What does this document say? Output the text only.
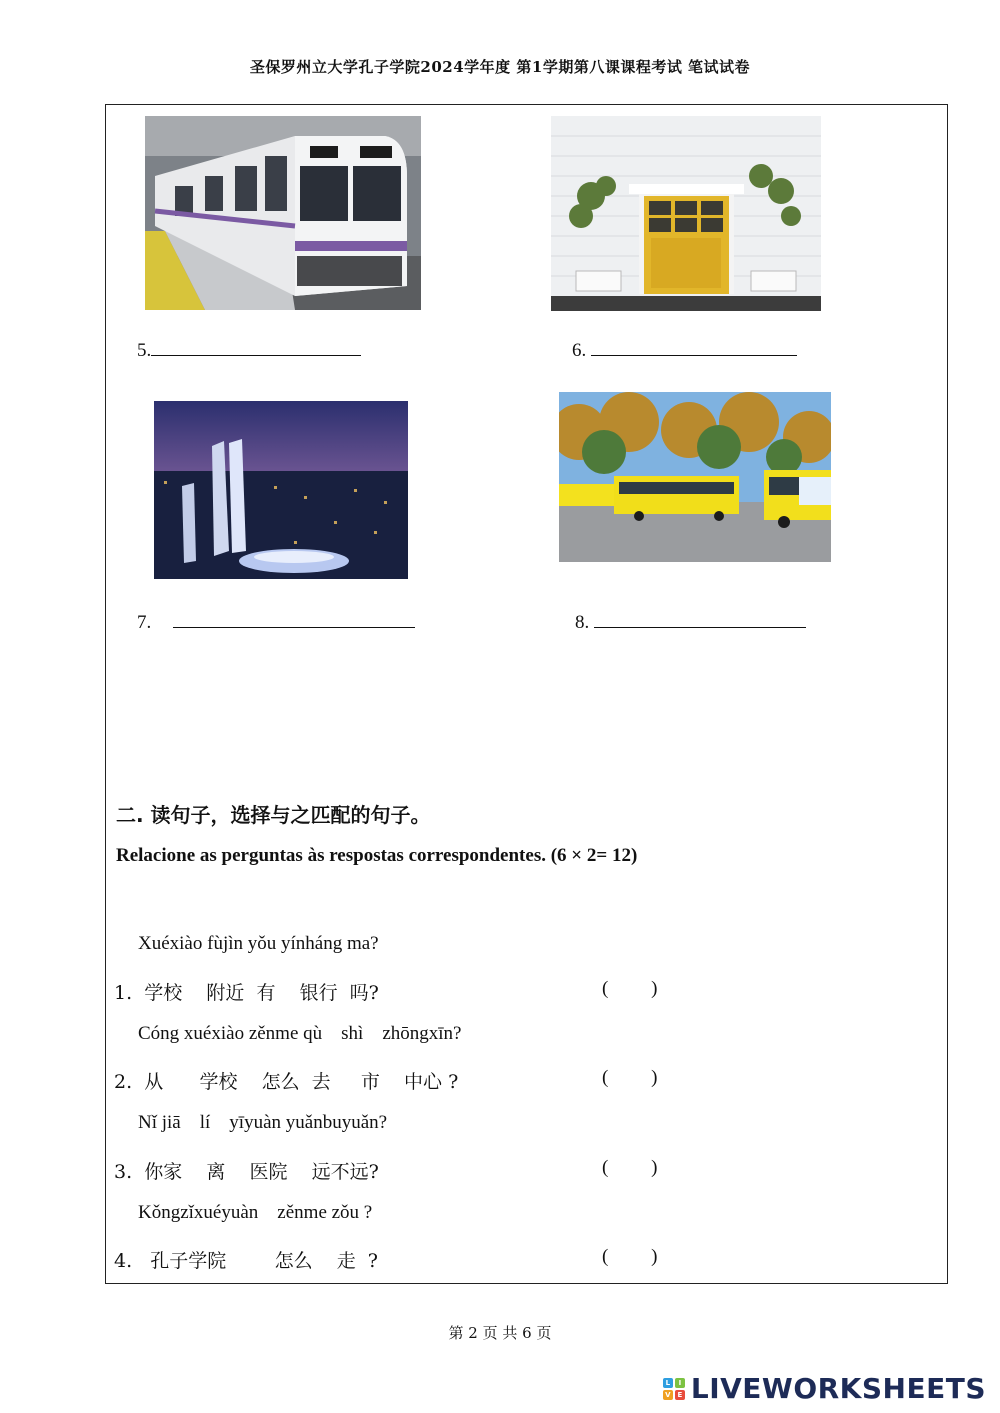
圣保罗州立大学孔子学院2024学年度 第1学期第八课课程考试 笔试试卷
5.	6.
7.	8.
二. 读句子，选择与之匹配的句子。
Relacione as perguntas às respostas correspondentes. (6 × 2= 12)
Xuéxiào fùjìn yǒu yínháng ma?
1.  学校    附近  有    银行  吗?	(         )
Cóng xuéxiào zěnme qù    shì    zhōngxīn?
2.  从      学校    怎么  去     市    中心 ?	(         )
Nǐ jiā    lí    yīyuàn yuǎnbuyuǎn?
3.  你家    离    医院    远不远?	(         )
Kǒngzǐxuéyuàn    zěnme zǒu ?
4.   孔子学院        怎么    走  ?	(         )
第 2 页 共 6 页
L	I
V E LIVEWORKSHEETS
